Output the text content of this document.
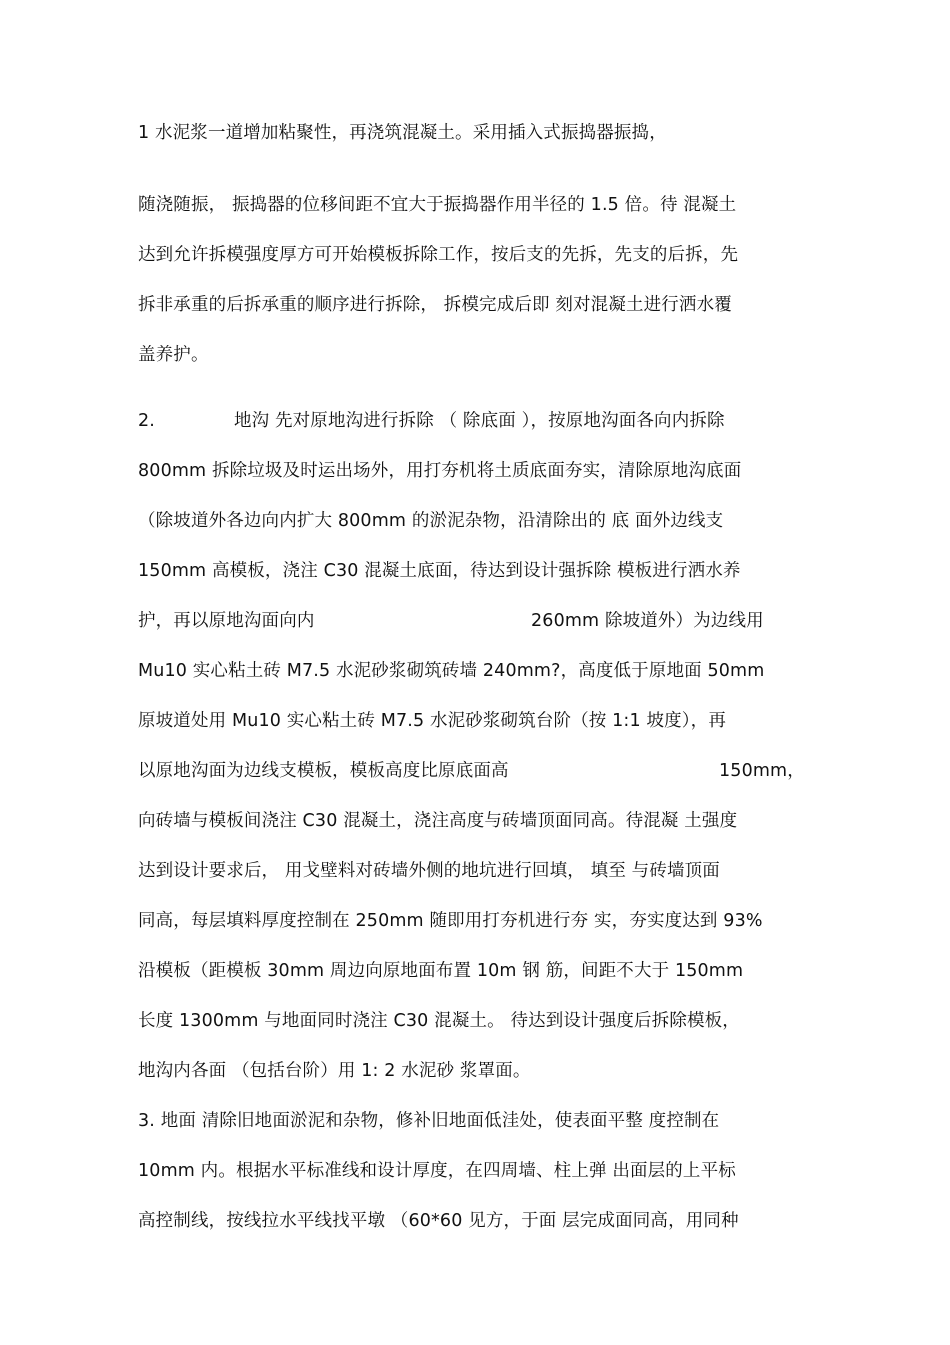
1 水泥浆一道增加粘聚性，再浇筑混凝土。采用插入式振捣器振捣，
随浇随振， 振捣器的位移间距不宜大于振捣器作用半径的 1.5 倍。待 混凝土
达到允许拆模强度厚方可开始模板拆除工作，按后支的先拆，先支的后拆，先
拆非承重的后拆承重的顺序进行拆除， 拆模完成后即 刻对混凝土进行洒水覆
盖养护。
2.	地沟 先对原地沟进行拆除 （ 除底面 ），按原地沟面各向内拆除
800mm 拆除垃圾及时运出场外，用打夯机将土质底面夯实，清除原地沟底面
（除坡道外各边向内扩大 800mm 的淤泥杂物，沿清除出的 底 面外边线支
150mm 高模板，浇注 C30 混凝土底面，待达到设计强拆除 模板进行洒水养
护，再以原地沟面向内	260mm 除坡道外）为边线用
Mu10 实心粘土砖 M7.5 水泥砂浆砌筑砖墙 240mm?，高度低于原地面 50mm
原坡道处用 Mu10 实心粘土砖 M7.5 水泥砂浆砌筑台阶（按 1:1 坡度），再
以原地沟面为边线支模板，模板高度比原底面高	150mm，
向砖墙与模板间浇注 C30 混凝土，浇注高度与砖墙顶面同高。待混凝 土强度
达到设计要求后， 用戈壁料对砖墙外侧的地坑进行回填， 填至 与砖墙顶面
同高，每层填料厚度控制在 250mm 随即用打夯机进行夯 实，夯实度达到 93%
沿模板（距模板 30mm 周边向原地面布置 10m 钢 筋，间距不大于 150mm
长度 1300mm 与地面同时浇注 C30 混凝土。 待达到设计强度后拆除模板，
地沟内各面 （包括台阶）用 1: 2 水泥砂 浆罩面。
3. 地面 清除旧地面淤泥和杂物，修补旧地面低洼处，使表面平整 度控制在
10mm 内。根据水平标准线和设计厚度，在四周墙、柱上弹 出面层的上平标
高控制线，按线拉水平线找平墩 （60*60 见方，于面 层完成面同高，用同种
